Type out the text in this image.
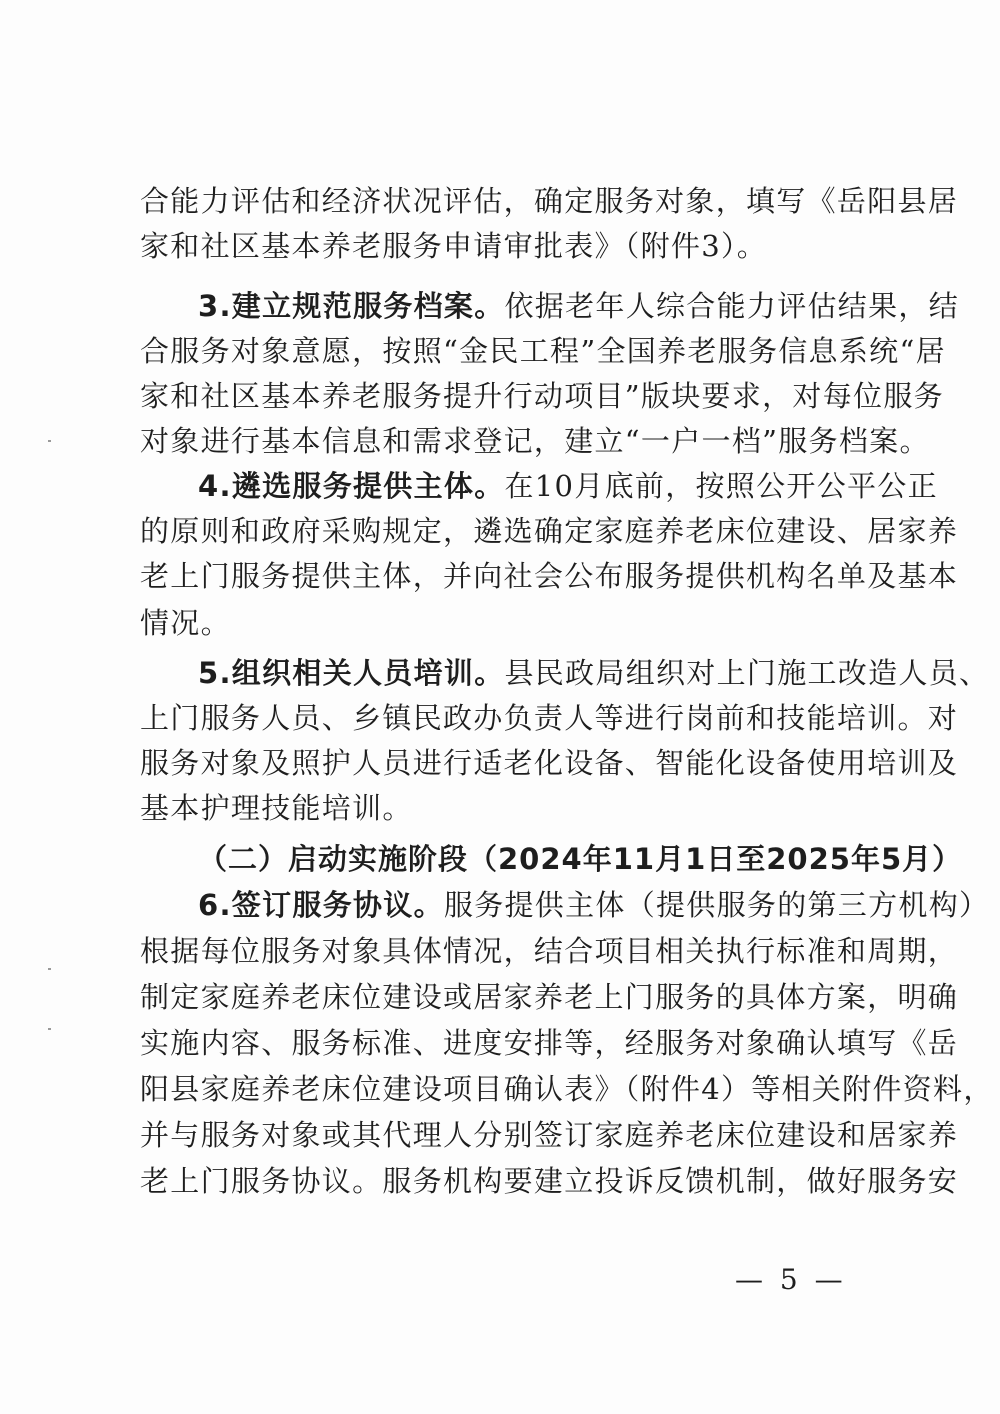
合能力评估和经济状况评估，确定服务对象，填写《岳阳县居
家和社区基本养老服务申请审批表》（附件3）。
3.建立规范服务档案。依据老年人综合能力评估结果，结
合服务对象意愿，按照“金民工程”全国养老服务信息系统“居
家和社区基本养老服务提升行动项目”版块要求，对每位服务
对象进行基本信息和需求登记，建立“一户一档”服务档案。
4.遴选服务提供主体。在10月底前，按照公开公平公正
的原则和政府采购规定，遴选确定家庭养老床位建设、居家养
老上门服务提供主体，并向社会公布服务提供机构名单及基本
情况。
5.组织相关人员培训。县民政局组织对上门施工改造人员、
上门服务人员、乡镇民政办负责人等进行岗前和技能培训。对
服务对象及照护人员进行适老化设备、智能化设备使用培训及
基本护理技能培训。
（二）启动实施阶段（2024年11月1日至2025年5月）
6.签订服务协议。服务提供主体（提供服务的第三方机构）
根据每位服务对象具体情况，结合项目相关执行标准和周期，
制定家庭养老床位建设或居家养老上门服务的具体方案，明确
实施内容、服务标准、进度安排等，经服务对象确认填写《岳
阳县家庭养老床位建设项目确认表》（附件4）等相关附件资料，
并与服务对象或其代理人分别签订家庭养老床位建设和居家养
老上门服务协议。服务机构要建立投诉反馈机制，做好服务安
— 5 —
